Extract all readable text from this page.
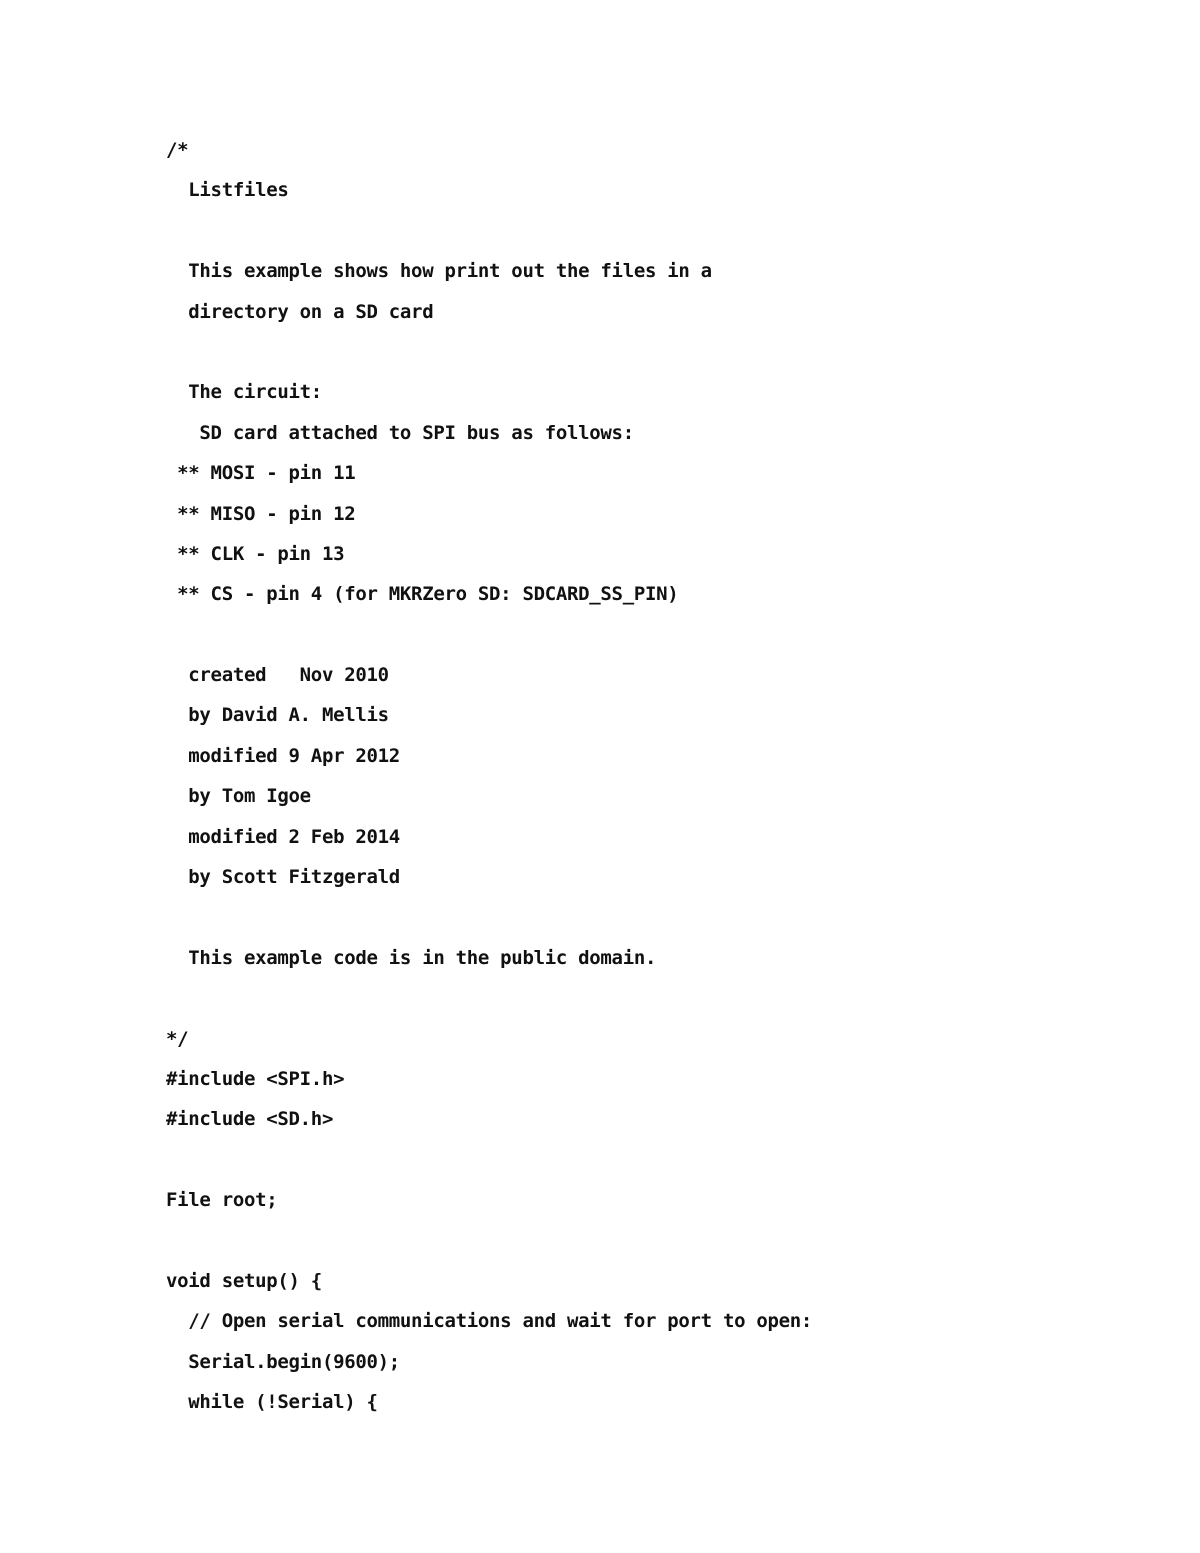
/*
Listfiles
This example shows how print out the files in a
directory on a SD card
The circuit:
SD card attached to SPI bus as follows:
** MOSI - pin 11
** MISO - pin 12
** CLK - pin 13
** CS - pin 4 (for MKRZero SD: SDCARD_SS_PIN)
created   Nov 2010
by David A. Mellis
modified 9 Apr 2012
by Tom Igoe
modified 2 Feb 2014
by Scott Fitzgerald
This example code is in the public domain.
*/
#include <SPI.h>
#include <SD.h>
File root;
void setup() {
// Open serial communications and wait for port to open:
Serial.begin(9600);
while (!Serial) {
